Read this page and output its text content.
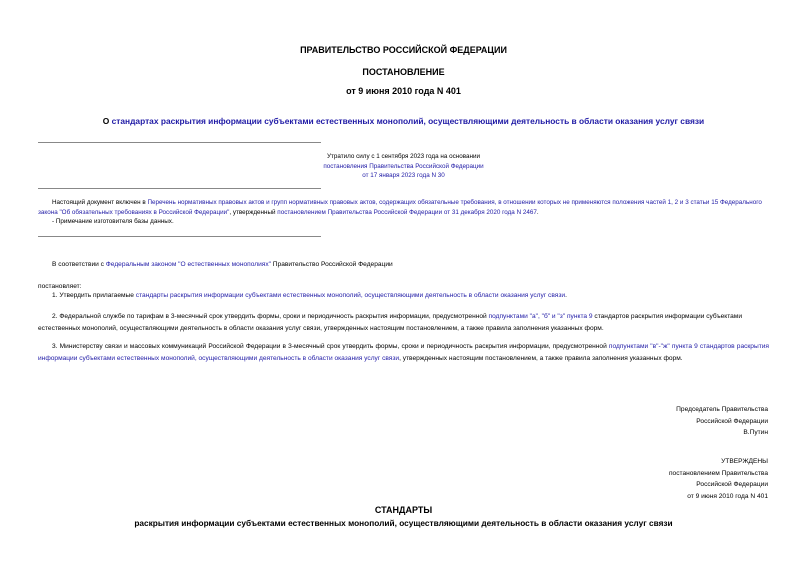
ПРАВИТЕЛЬСТВО РОССИЙСКОЙ ФЕДЕРАЦИИ
ПОСТАНОВЛЕНИЕ
от 9 июня 2010 года N 401
О стандартах раскрытия информации субъектами естественных монополий, осуществляющими деятельность в области оказания услуг связи
Утратило силу с 1 сентября 2023 года на основании
постановления Правительства Российской Федерации
от 17 января 2023 года N 30
Настоящий документ включен в Перечень нормативных правовых актов и групп нормативных правовых актов, содержащих обязательные требования, в отношении которых не применяются положения частей 1, 2 и 3 статьи 15 Федерального закона "Об обязательных требованиях в Российской Федерации", утвержденный постановлением Правительства Российской Федерации от 31 декабря 2020 года N 2467.
- Примечание изготовителя базы данных.
В соответствии с Федеральным законом "О естественных монополиях" Правительство Российской Федерации
постановляет:
1. Утвердить прилагаемые стандарты раскрытия информации субъектами естественных монополий, осуществляющими деятельность в области оказания услуг связи.
2. Федеральной службе по тарифам в 3-месячный срок утвердить формы, сроки и периодичность раскрытия информации, предусмотренной подпунктами "а", "б" и "з" пункта 9 стандартов раскрытия информации субъектами естественных монополий, осуществляющими деятельность в области оказания услуг связи, утвержденных настоящим постановлением, а также правила заполнения указанных форм.
3. Министерству связи и массовых коммуникаций Российской Федерации в 3-месячный срок утвердить формы, сроки и периодичность раскрытия информации, предусмотренной подпунктами "в"-"ж" пункта 9 стандартов раскрытия информации субъектами естественных монополий, осуществляющими деятельность в области оказания услуг связи, утвержденных настоящим постановлением, а также правила заполнения указанных форм.
Председатель Правительства
Российской Федерации
В.Путин
УТВЕРЖДЕНЫ
постановлением Правительства
Российской Федерации
от 9 июня 2010 года N 401
СТАНДАРТЫ
раскрытия информации субъектами естественных монополий, осуществляющими деятельность в области оказания услуг связи
